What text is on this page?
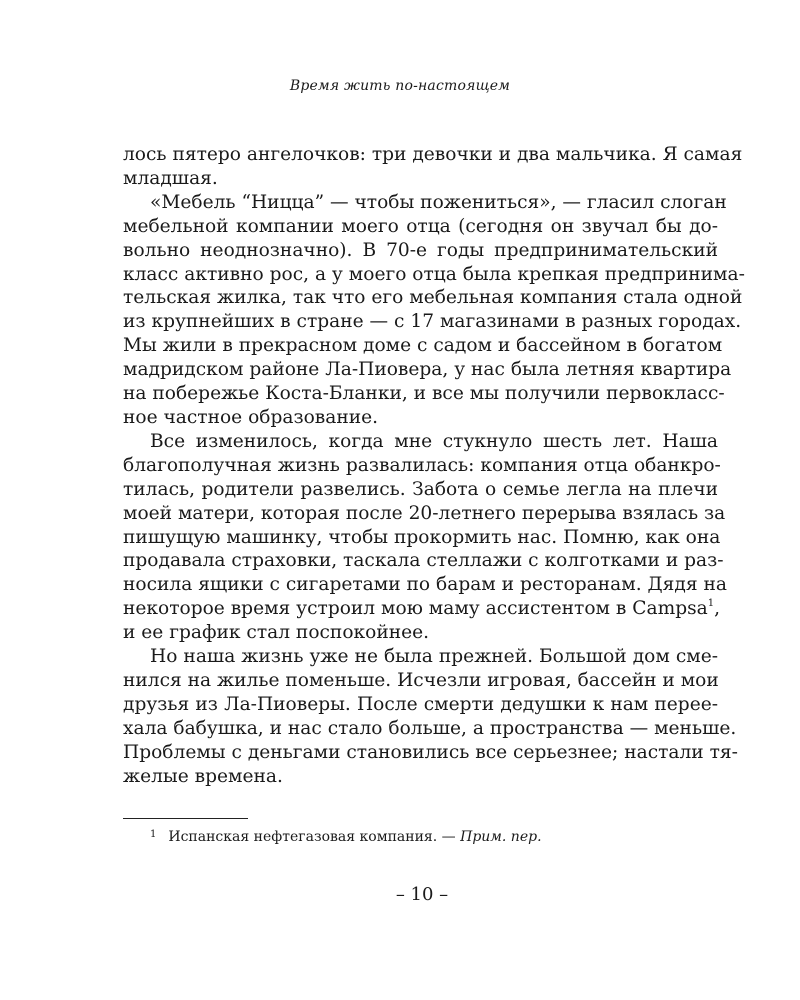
Время жить по-настоящем
лось пятеро ангелочков: три девочки и два мальчика. Я самая
младшая.
«Мебель “Ницца” — чтобы пожениться», — гласил слоган
мебельной компании моего отца (сегодня он звучал бы до-
вольно неоднозначно). В 70-е годы предпринимательский
класс активно рос, а у моего отца была крепкая предпринима-
тельская жилка, так что его мебельная компания стала одной
из крупнейших в стране — с 17 магазинами в разных городах.
Мы жили в прекрасном доме с садом и бассейном в богатом
мадридском районе Ла-Пиовера, у нас была летняя квартира
на побережье Коста-Бланки, и все мы получили первокласс-
ное частное образование.
Все изменилось, когда мне стукнуло шесть лет. Наша
благополучная жизнь развалилась: компания отца обанкро-
тилась, родители развелись. Забота о семье легла на плечи
моей матери, которая после 20-летнего перерыва взялась за
пишущую машинку, чтобы прокормить нас. Помню, как она
продавала страховки, таскала стеллажи с колготками и раз-
носила ящики с сигаретами по барам и ресторанам. Дядя на
некоторое время устроил мою маму ассистентом в Campsa$^1$,
и ее график стал поспокойнее.
Но наша жизнь уже не была прежней. Большой дом сме-
нился на жилье поменьше. Исчезли игровая, бассейн и мои
друзья из Ла-Пиоверы. После смерти дедушки к нам переe-
хала бабушка, и нас стало больше, а пространства — меньше.
Проблемы с деньгами становились все серьезнее; настали тя-
желые времена.
$^1$ Испанская нефтегазовая компания. — Прим. пер.
– 10 –
